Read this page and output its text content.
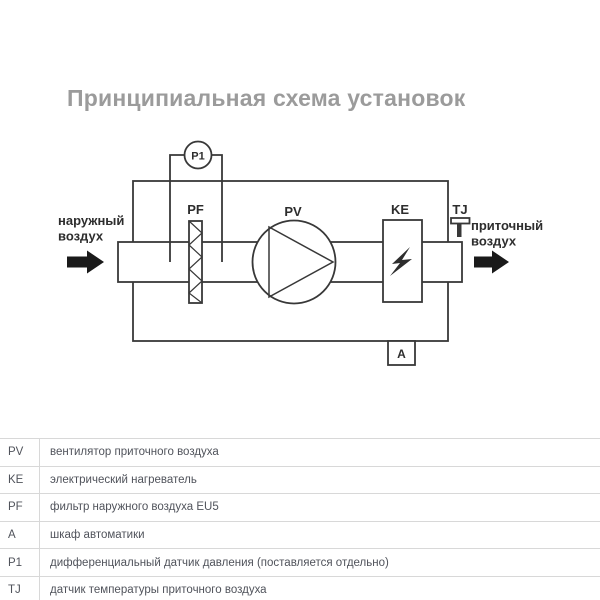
Принципиальная схема установок
P1
PF	PV	KE
A
TJ
наружный
воздух
приточный
воздух
PV	вентилятор приточного воздуха
KE	электрический нагреватель
PF	фильтр наружного воздуха EU5
A	шкаф автоматики
P1	дифференциальный датчик давления (поставляется отдельно)
TJ	датчик температуры приточного воздуха
